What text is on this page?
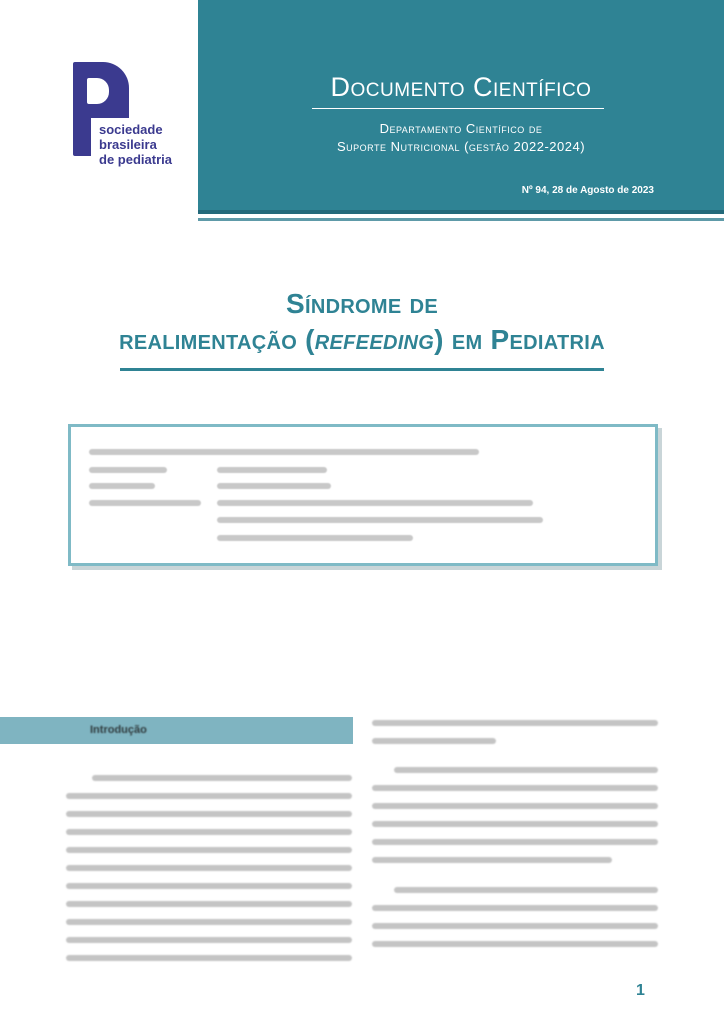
Documento Científico
Departamento Científico de
Suporte Nutricional (gestão 2022-2024)
Nº 94, 28 de Agosto de 2023
sociedade
brasileira
de pediatria
Síndrome de
realimentação (refeeding) em Pediatria
Introdução
1
